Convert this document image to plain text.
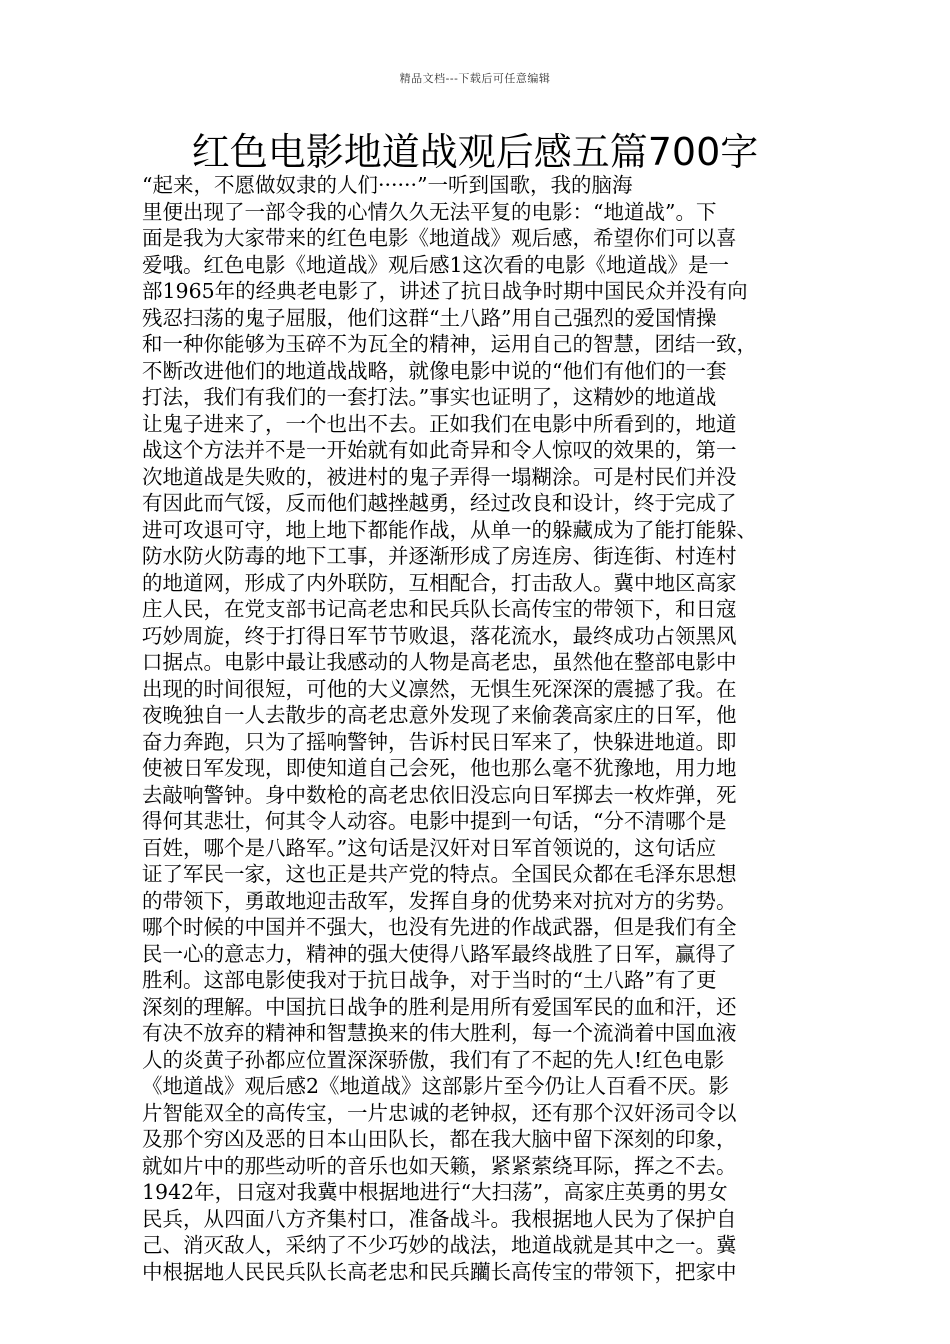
精品文档---下载后可任意编辑
红色电影地道战观后感五篇700字
“起来，不愿做奴隶的人们······”一听到国歌，我的脑海
里便出现了一部令我的心情久久无法平复的电影：“地道战”。下
面是我为大家带来的红色电影《地道战》观后感，希望你们可以喜
爱哦。红色电影《地道战》观后感1这次看的电影《地道战》是一
部1965年的经典老电影了，讲述了抗日战争时期中国民众并没有向
残忍扫荡的鬼子屈服，他们这群“土八路”用自己强烈的爱国情操
和一种你能够为玉碎不为瓦全的精神，运用自己的智慧，团结一致，
不断改进他们的地道战战略，就像电影中说的“他们有他们的一套
打法，我们有我们的一套打法。”事实也证明了，这精妙的地道战
让鬼子进来了，一个也出不去。正如我们在电影中所看到的，地道
战这个方法并不是一开始就有如此奇异和令人惊叹的效果的，第一
次地道战是失败的，被进村的鬼子弄得一塌糊涂。可是村民们并没
有因此而气馁，反而他们越挫越勇，经过改良和设计，终于完成了
进可攻退可守，地上地下都能作战，从单一的躲藏成为了能打能躲、
防水防火防毒的地下工事，并逐渐形成了房连房、街连街、村连村
的地道网，形成了内外联防，互相配合，打击敌人。冀中地区高家
庄人民，在党支部书记高老忠和民兵队长高传宝的带领下，和日寇
巧妙周旋，终于打得日军节节败退，落花流水，最终成功占领黑风
口据点。电影中最让我感动的人物是高老忠，虽然他在整部电影中
出现的时间很短，可他的大义凛然，无惧生死深深的震撼了我。在
夜晚独自一人去散步的高老忠意外发现了来偷袭高家庄的日军，他
奋力奔跑，只为了摇响警钟，告诉村民日军来了，快躲进地道。即
使被日军发现，即使知道自己会死，他也那么毫不犹豫地，用力地
去敲响警钟。身中数枪的高老忠依旧没忘向日军掷去一枚炸弹，死
得何其悲壮，何其令人动容。电影中提到一句话，“分不清哪个是
百姓，哪个是八路军。”这句话是汉奸对日军首领说的，这句话应
证了军民一家，这也正是共产党的特点。全国民众都在毛泽东思想
的带领下，勇敢地迎击敌军，发挥自身的优势来对抗对方的劣势。
哪个时候的中国并不强大，也没有先进的作战武器，但是我们有全
民一心的意志力，精神的强大使得八路军最终战胜了日军，赢得了
胜利。这部电影使我对于抗日战争，对于当时的“土八路”有了更
深刻的理解。中国抗日战争的胜利是用所有爱国军民的血和汗，还
有决不放弃的精神和智慧换来的伟大胜利，每一个流淌着中国血液
人的炎黄子孙都应位置深深骄傲，我们有了不起的先人!红色电影
《地道战》观后感2《地道战》这部影片至今仍让人百看不厌。影
片智能双全的高传宝，一片忠诚的老钟叔，还有那个汉奸汤司令以
及那个穷凶及恶的日本山田队长，都在我大脑中留下深刻的印象，
就如片中的那些动听的音乐也如天籁，紧紧萦绕耳际，挥之不去。
1942年，日寇对我冀中根据地进行“大扫荡”，高家庄英勇的男女
民兵，从四面八方齐集村口，准备战斗。我根据地人民为了保护自
己、消灭敌人，采纳了不少巧妙的战法，地道战就是其中之一。冀
中根据地人民民兵队长高老忠和民兵躪长高传宝的带领下，把家中
